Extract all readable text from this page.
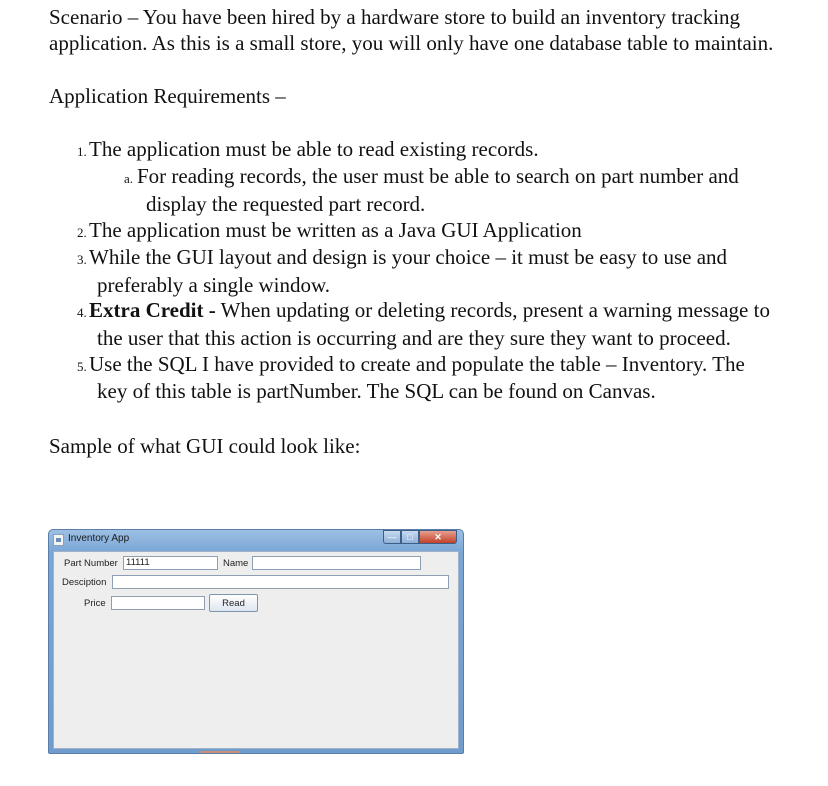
Scenario – You have been hired by a hardware store to build an inventory tracking application. As this is a small store, you will only have one database table to maintain.

Application Requirements –

1. The application must be able to read existing records.
a. For reading records, the user must be able to search on part number and display the requested part record.
2. The application must be written as a Java GUI Application
3. While the GUI layout and design is your choice – it must be easy to use and preferably a single window.
4. Extra Credit - When updating or deleting records, present a warning message to the user that this action is occurring and are they sure they want to proceed.
5. Use the SQL I have provided to create and populate the table – Inventory. The key of this table is partNumber. The SQL can be found on Canvas.

Sample of what GUI could look like:

Inventory App	—	□	✕
Part Number 11111	Name
Desciption
Price	Read
